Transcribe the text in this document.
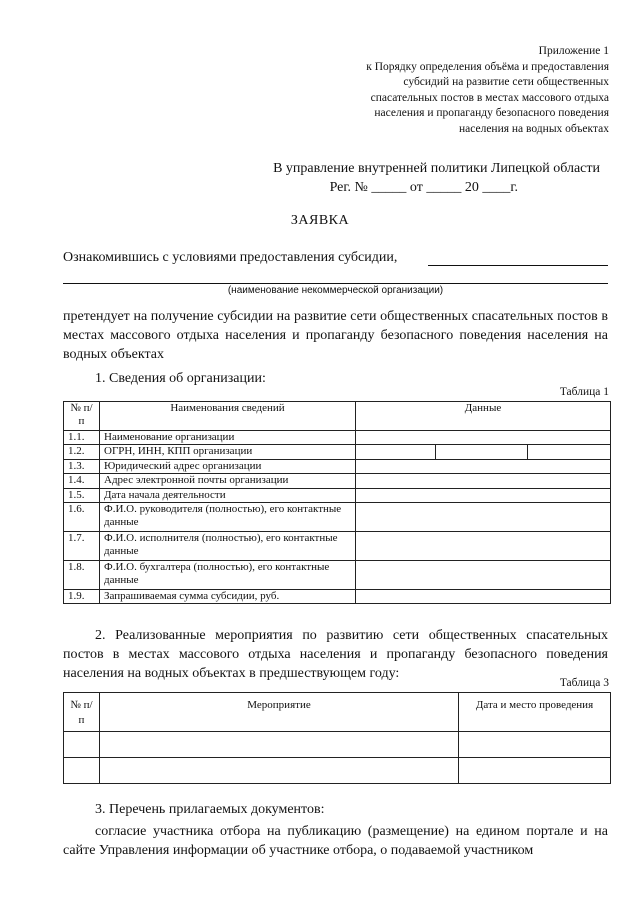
Приложение 1
к Порядку определения объёма и предоставления
субсидий на развитие сети общественных
спасательных постов в местах массового отдыха
населения и пропаганду безопасного поведения
населения на водных объектах
В управление внутренней политики Липецкой области
Рег. № _____ от _____ 20 ____г.
ЗАЯВКА
Ознакомившись с условиями предоставления субсидии,
(наименование некоммерческой организации)
претендует на получение субсидии на развитие сети общественных спасательных постов в местах массового отдыха населения и пропаганду безопасного поведения населения на водных объектах
1. Сведения об организации:
Таблица 1
№ п/п	Наименования сведений	Данные		
1.1.	Наименование организации			
1.2.	ОГРН, ИНН, КПП организации			
1.3.	Юридический адрес организации			
1.4.	Адрес электронной почты организации			
1.5.	Дата начала деятельности			
1.6.	Ф.И.О. руководителя (полностью), его контактные данные			
1.7.	Ф.И.О. исполнителя (полностью), его контактные данные			
1.8.	Ф.И.О. бухгалтера (полностью), его контактные данные			
1.9.	Запрашиваемая сумма субсидии, руб.			
2. Реализованные мероприятия по развитию сети общественных спасательных постов в местах массового отдыха населения и пропаганду безопасного поведения населения на водных объектах в предшествующем году:
Таблица 3
№ п/п	Мероприятие	Дата и место проведения

3. Перечень прилагаемых документов:
согласие участника отбора на публикацию (размещение) на едином портале и на сайте Управления информации об участнике отбора, о подаваемой участником
